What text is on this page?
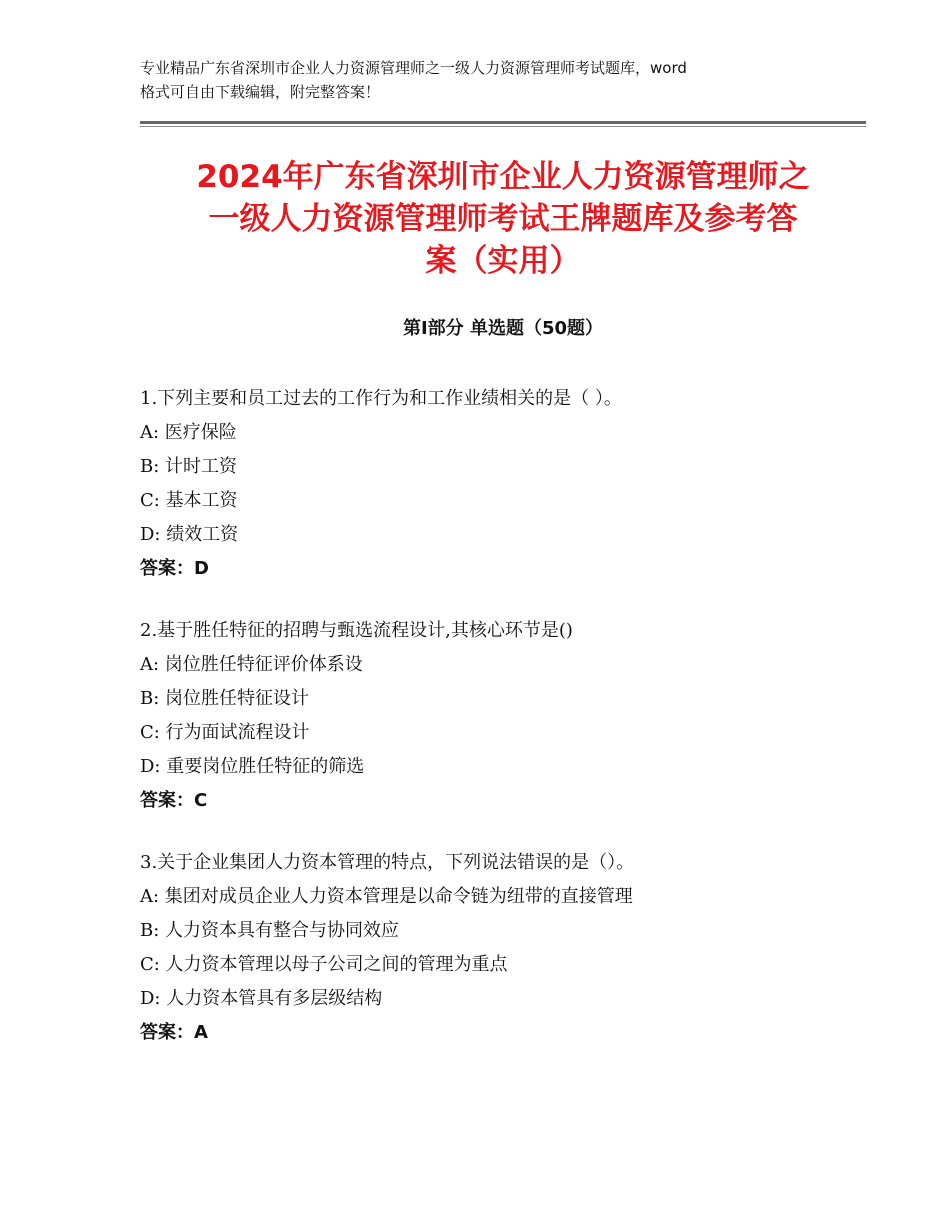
专业精品广东省深圳市企业人力资源管理师之一级人力资源管理师考试题库，word
格式可自由下载编辑，附完整答案！
2024年广东省深圳市企业人力资源管理师之
一级人力资源管理师考试王牌题库及参考答
案（实用）
第Ⅰ部分 单选题（50题）
1.下列主要和员工过去的工作行为和工作业绩相关的是（ ）。
A: 医疗保险
B: 计时工资
C: 基本工资
D: 绩效工资
答案：D
2.基于胜任特征的招聘与甄选流程设计,其核心环节是()
A: 岗位胜任特征评价体系设
B: 岗位胜任特征设计
C: 行为面试流程设计
D: 重要岗位胜任特征的筛选
答案：C
3.关于企业集团人力资本管理的特点，下列说法错误的是（）。
A: 集团对成员企业人力资本管理是以命令链为纽带的直接管理
B: 人力资本具有整合与协同效应
C: 人力资本管理以母子公司之间的管理为重点
D: 人力资本管具有多层级结构
答案：A
